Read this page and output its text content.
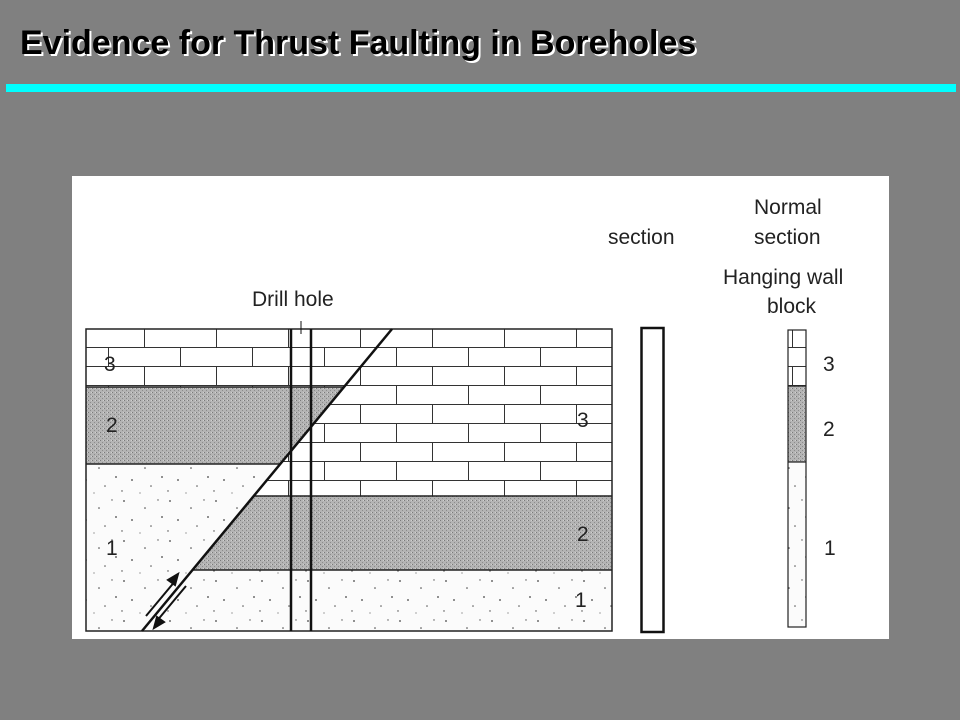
Evidence for Thrust Faulting in Boreholes
Drill hole
3
2
1
3
2
1
section
Normal
section
Hanging wall
block
3
2
1
